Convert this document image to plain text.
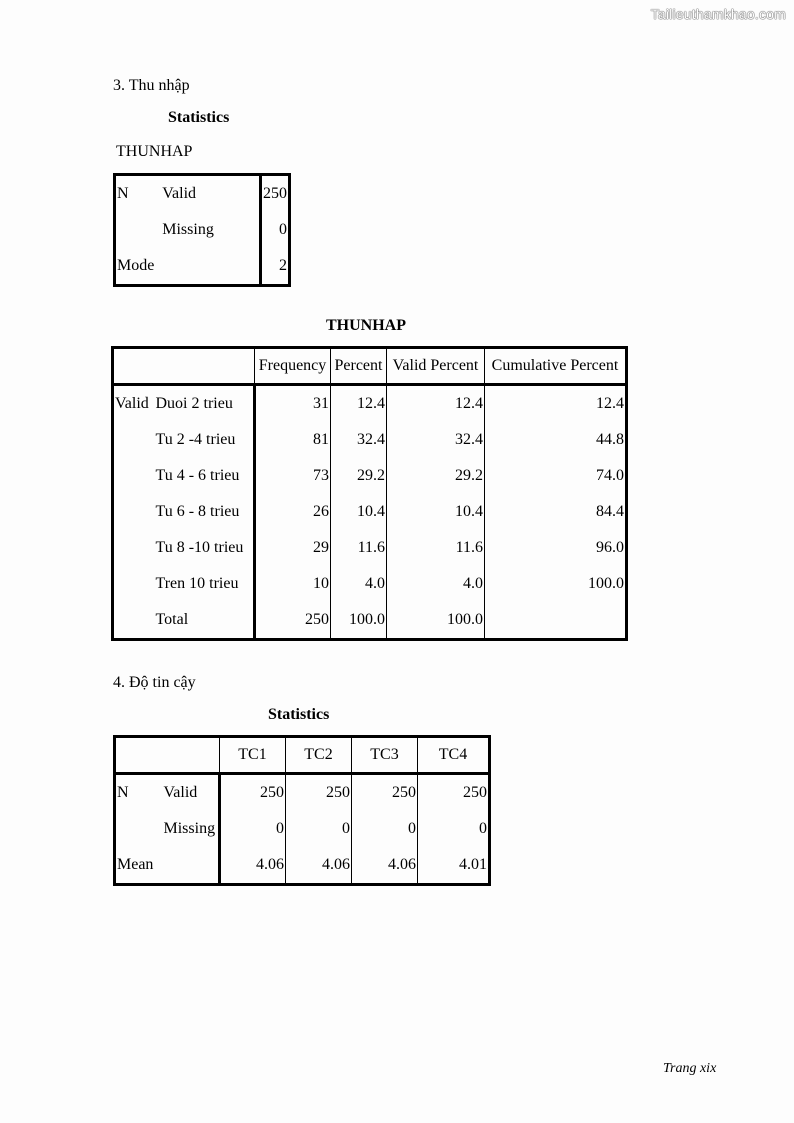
Tailieuthamkhao.com
3. Thu nhập
Statistics
THUNHAP
N	Valid	250
	Missing	0
Mode		2
THUNHAP
		Frequency	Percent	Valid Percent	Cumulative Percent
Valid	Duoi 2 trieu	31	12.4	12.4	12.4
	Tu 2 -4 trieu	81	32.4	32.4	44.8
	Tu 4 - 6 trieu	73	29.2	29.2	74.0
	Tu 6 - 8 trieu	26	10.4	10.4	84.4
	Tu 8 -10 trieu	29	11.6	11.6	96.0
	Tren 10 trieu	10	4.0	4.0	100.0
	Total	250	100.0	100.0	
4. Độ tin cậy
Statistics
		TC1	TC2	TC3	TC4
N	Valid	250	250	250	250
	Missing	0	0	0	0
Mean		4.06	4.06	4.06	4.01
Trang xix
